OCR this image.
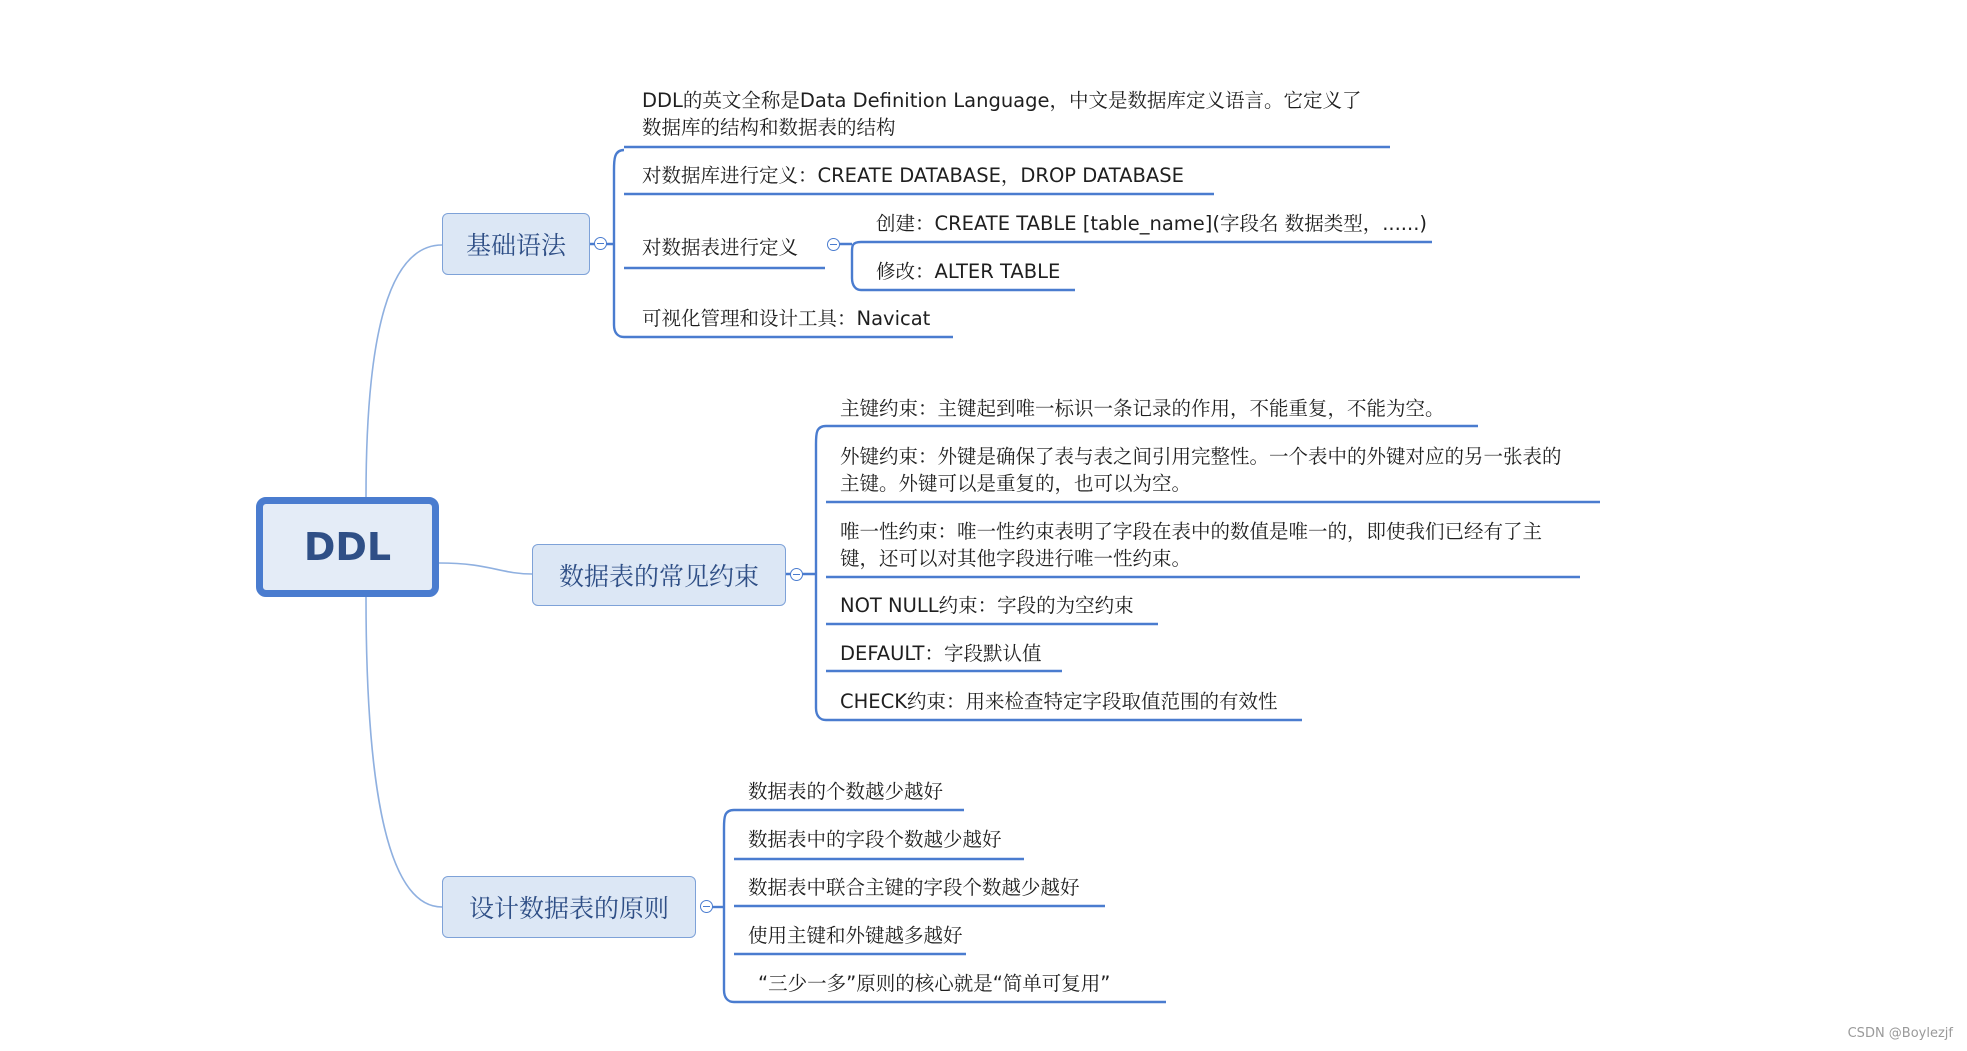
DDL
基础语法
DDL的英文全称是Data Definition Language，中文是数据库定义语言。它定义了
数据库的结构和数据表的结构
对数据库进行定义：CREATE DATABASE，DROP DATABASE
对数据表进行定义
创建：CREATE TABLE [table_name](字段名 数据类型，......)
修改：ALTER TABLE
可视化管理和设计工具：Navicat
数据表的常见约束
主键约束：主键起到唯一标识一条记录的作用，不能重复，不能为空。
外键约束：外键是确保了表与表之间引用完整性。一个表中的外键对应的另一张表的
主键。外键可以是重复的，也可以为空。
唯一性约束：唯一性约束表明了字段在表中的数值是唯一的，即使我们已经有了主
键，还可以对其他字段进行唯一性约束。
NOT NULL约束：字段的为空约束
DEFAULT：字段默认值
CHECK约束：用来检查特定字段取值范围的有效性
设计数据表的原则
数据表的个数越少越好
数据表中的字段个数越少越好
数据表中联合主键的字段个数越少越好
使用主键和外键越多越好
“三少一多”原则的核心就是“简单可复用”
CSDN @Boylezjf
